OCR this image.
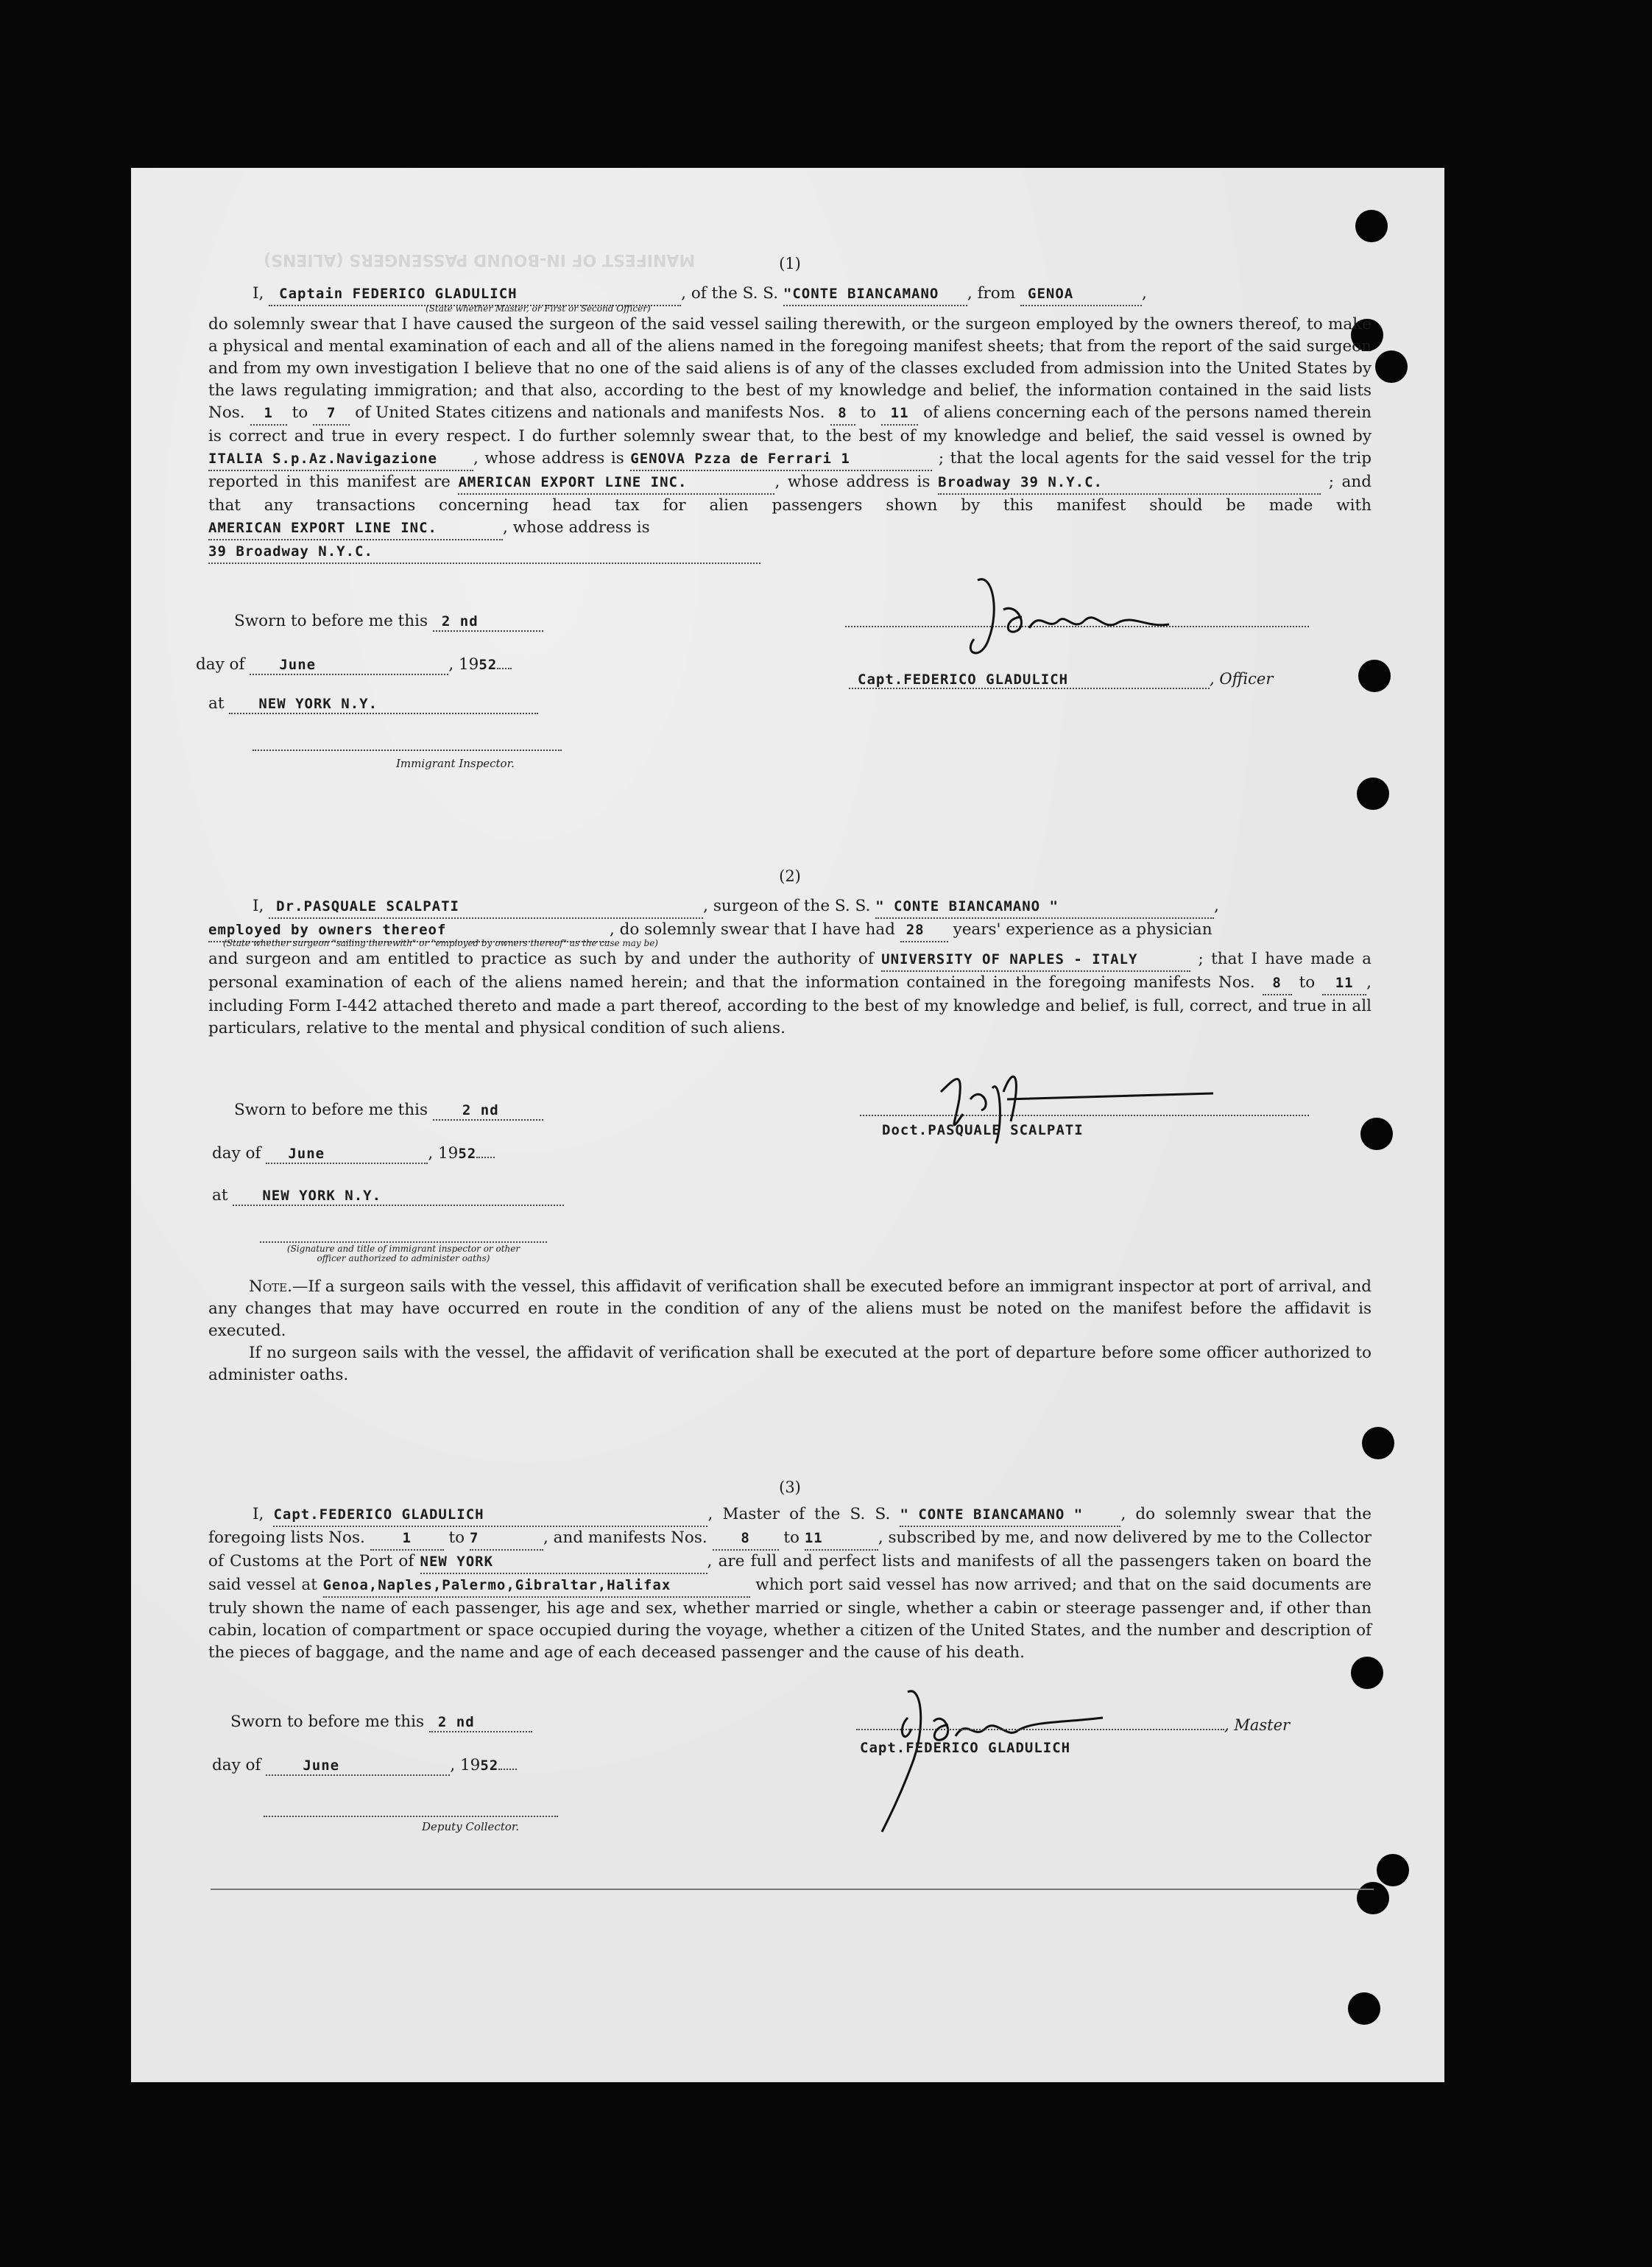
MANIFEST OF IN-BOUND PASSENGERS (ALIENS)	(1)
I, Captain FEDERICO GLADULICH	, of the S. S. "CONTE BIANCAMANO , from GENOA	,
(State whether Master, or First or Second Officer)
do solemnly swear that I have caused the surgeon of the said vessel sailing therewith, or the surgeon employed by the owners thereof, to make a physical and mental examination of each and all of the aliens named in the foregoing manifest sheets; that from the report of the said surgeon and from my own investigation I believe that no one of the said aliens is of any of the classes excluded from admission into the United States by the laws regulating immigration; and that also, according to the best of my knowledge and belief, the information contained in the said lists Nos. 1 to 7 of United States citizens and nationals and manifests Nos. 8 to 11 of aliens concerning each of the persons named therein is correct and true in every respect. I do further solemnly swear that, to the best of my knowledge and belief, the said vessel is owned by ITALIA S.p.Az.Navigazione , whose address is GENOVA Pzza de Ferrari 1	; that the local agents for the said vessel for the trip reported in this manifest are AMERICAN EXPORT LINE INC.	, whose address is Broadway 39 N.Y.C.	; and that any transactions concerning head tax for alien passengers shown by this manifest should be made with AMERICAN EXPORT LINE INC.	, whose address is
39 Broadway N.Y.C.
Sworn to before me this 2 nd
day of June	, 1952
at NEW YORK N.Y.
Immigrant Inspector.
Capt.FEDERICO GLADULICH	, Officer
(2)
I, Dr.PASQUALE SCALPATI	, surgeon of the S. S. " CONTE BIANCAMANO "	,
employed by owners thereof	, do solemnly swear that I have had 28 years' experience as a physician
(State whether surgeon "sailing therewith" or "employed by owners thereof" as the case may be)
and surgeon and am entitled to practice as such by and under the authority of UNIVERSITY OF NAPLES - ITALY	; that I have made a personal examination of each of the aliens named herein; and that the information contained in the foregoing manifests Nos. 8 to 11 , including Form I-442 attached thereto and made a part thereof, according to the best of my knowledge and belief, is full, correct, and true in all particulars, relative to the mental and physical condition of such aliens.
Sworn to before me this 2 nd
day of June	, 1952
at NEW YORK N.Y.
(Signature and title of immigrant inspector or other officer authorized to administer oaths)
Doct.PASQUALE SCALPATI
Note.—If a surgeon sails with the vessel, this affidavit of verification shall be executed before an immigrant inspector at port of arrival, and any changes that may have occurred en route in the condition of any of the aliens must be noted on the manifest before the affidavit is executed.
If no surgeon sails with the vessel, the affidavit of verification shall be executed at the port of departure before some officer authorized to administer oaths.
(3)
I, Capt.FEDERICO GLADULICH	, Master of the S. S. " CONTE BIANCAMANO " , do solemnly swear that the foregoing lists Nos.	1 to 7	, and manifests Nos. 8 to 11	, subscribed by me, and now delivered by me to the Collector of Customs at the Port of NEW YORK	, are full and perfect lists and manifests of all the passengers taken on board the said vessel at Genoa,Naples,Palermo,Gibraltar,Halifax	which port said vessel has now arrived; and that on the said documents are truly shown the name of each passenger, his age and sex, whether married or single, whether a cabin or steerage passenger and, if other than cabin, location of compartment or space occupied during the voyage, whether a citizen of the United States, and the number and description of the pieces of baggage, and the name and age of each deceased passenger and the cause of his death.
Sworn to before me this 2 nd
day of	June	, 1952
Deputy Collector.
, Master
Capt.FEDERICO GLADULICH
